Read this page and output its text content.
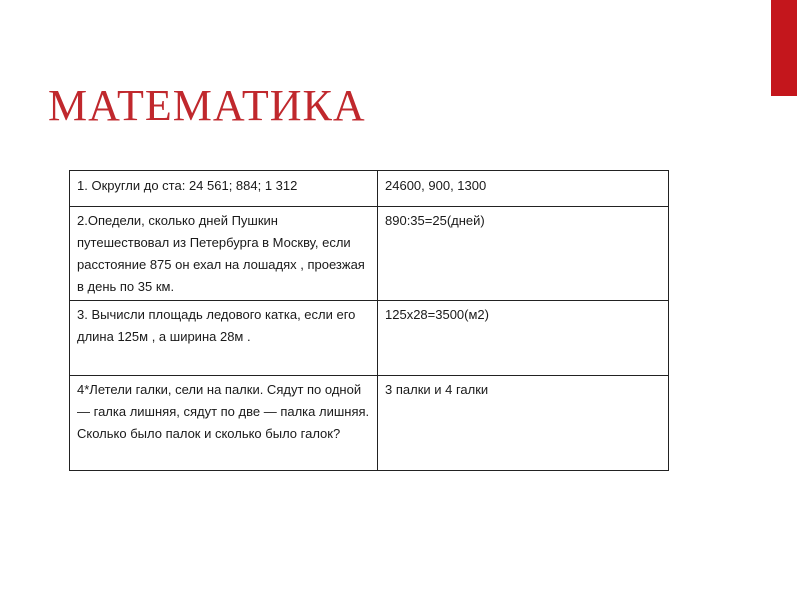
МАТЕМАТИКА
1. Округли до ста: 24 561; 884; 1 312	24600, 900, 1300
2.Опедели, сколько дней Пушкин путешествовал из Петербурга в Москву, если расстояние 875 он ехал на лошадях , проезжая в день по 35 км.	890:35=25(дней)
3. Вычисли площадь ледового катка, если его длина 125м , а ширина 28м .	125х28=3500(м2)
4*Летели галки, сели на палки. Сядут по одной — галка лишняя, сядут по две — палка лишняя. Сколько было палок и сколько было галок?	3 палки и 4 галки
